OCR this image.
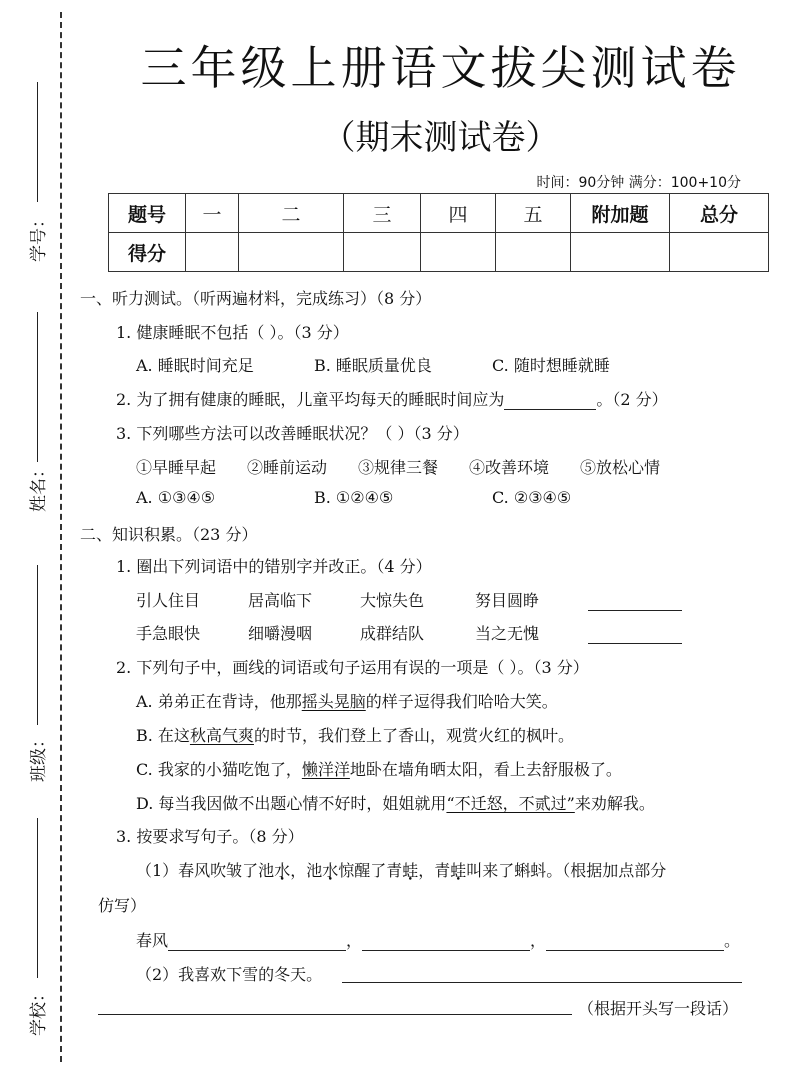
学号：
姓名：
班级：
学校：
三年级上册语文拔尖测试卷
（期末测试卷）
时间：90分钟 满分：100+10分
题号	一	二	三	四	五	附加题	总分
得分							
一、听力测试。（听两遍材料，完成练习）（8 分）
1. 健康睡眠不包括（ ）。（3 分）
A. 睡眠时间充足	B. 睡眠质量优良	C. 随时想睡就睡
2. 为了拥有健康的睡眠，儿童平均每天的睡眠时间应为	。（2 分）
3. 下列哪些方法可以改善睡眠状况？（ ）（3 分）
①早睡早起 ②睡前运动 ③规律三餐 ④改善环境 ⑤放松心情
A. ①③④⑤	B. ①②④⑤	C. ②③④⑤
二、知识积累。（23 分）
1. 圈出下列词语中的错别字并改正。（4 分）
引人住目	居高临下	大惊失色	努目圆睁
手急眼快	细嚼漫咽	成群结队	当之无愧
2. 下列句子中，画线的词语或句子运用有误的一项是（ ）。（3 分）
A. 弟弟正在背诗，他那摇头晃脑的样子逗得我们哈哈大笑。
B. 在这秋高气爽的时节，我们登上了香山，观赏火红的枫叶。
C. 我家的小猫吃饱了，懒洋洋地卧在墙角晒太阳，看上去舒服极了。
D. 每当我因做不出题心情不好时，姐姐就用“不迁怒，不贰过”来劝解我。
3. 按要求写句子。（8 分）
（1）春风吹皱了池水，池水惊醒了青蛙，青蛙叫来了蝌蚪。（根据加点部分
仿写）
春风	，	，	。
（2）我喜欢下雪的冬天。
（根据开头写一段话）
